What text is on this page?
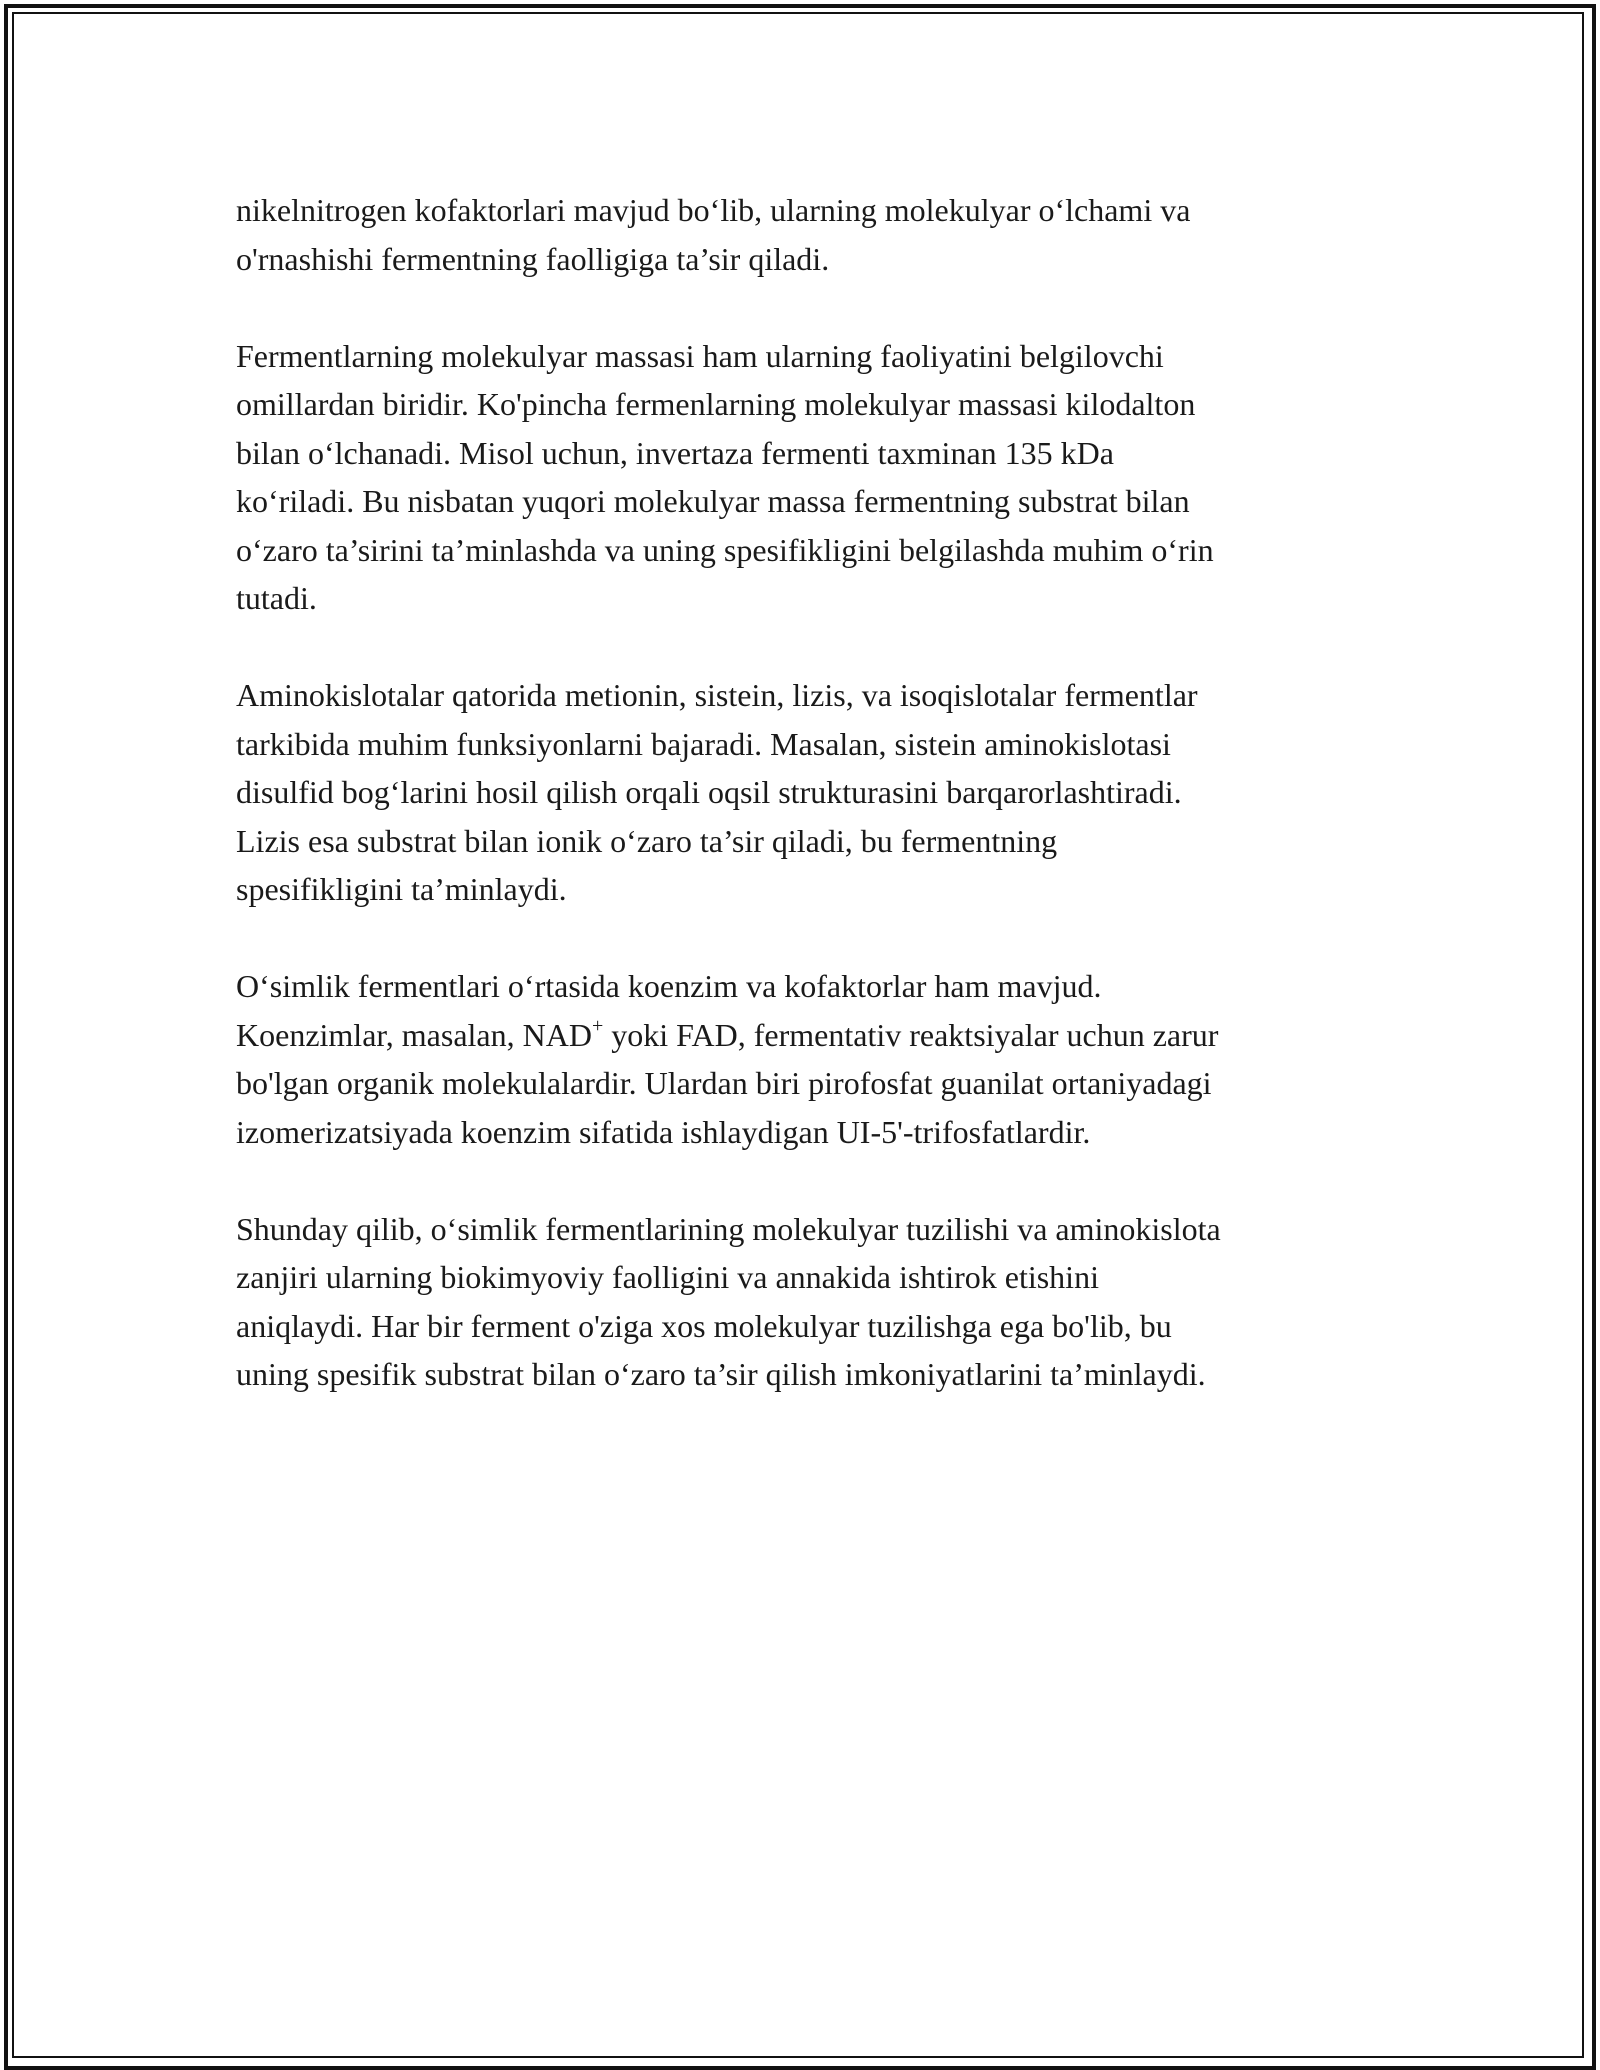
nikelnitrogen kofaktorlari mavjud bo‘lib, ularning molekulyar o‘lchami va
o'rnashishi fermentning faolligiga ta’sir qiladi.

Fermentlarning molekulyar massasi ham ularning faoliyatini belgilovchi
omillardan biridir. Ko'pincha fermenlarning molekulyar massasi kilodalton
bilan o‘lchanadi. Misol uchun, invertaza fermenti taxminan 135 kDa
ko‘riladi. Bu nisbatan yuqori molekulyar massa fermentning substrat bilan
o‘zaro ta’sirini ta’minlashda va uning spesifikligini belgilashda muhim o‘rin
tutadi.

Aminokislotalar qatorida metionin, sistein, lizis, va isoqislotalar fermentlar
tarkibida muhim funksiyonlarni bajaradi. Masalan, sistein aminokislotasi
disulfid bog‘larini hosil qilish orqali oqsil strukturasini barqarorlashtiradi.
Lizis esa substrat bilan ionik o‘zaro ta’sir qiladi, bu fermentning
spesifikligini ta’minlaydi.

O‘simlik fermentlari o‘rtasida koenzim va kofaktorlar ham mavjud.
Koenzimlar, masalan, NAD+ yoki FAD, fermentativ reaktsiyalar uchun zarur
bo'lgan organik molekulalardir. Ulardan biri pirofosfat guanilat ortaniyadagi
izomerizatsiyada koenzim sifatida ishlaydigan UI-5'-trifosfatlardir.

Shunday qilib, o‘simlik fermentlarining molekulyar tuzilishi va aminokislota
zanjiri ularning biokimyoviy faolligini va annakida ishtirok etishini
aniqlaydi. Har bir ferment o'ziga xos molekulyar tuzilishga ega bo'lib, bu
uning spesifik substrat bilan o‘zaro ta’sir qilish imkoniyatlarini ta’minlaydi.
